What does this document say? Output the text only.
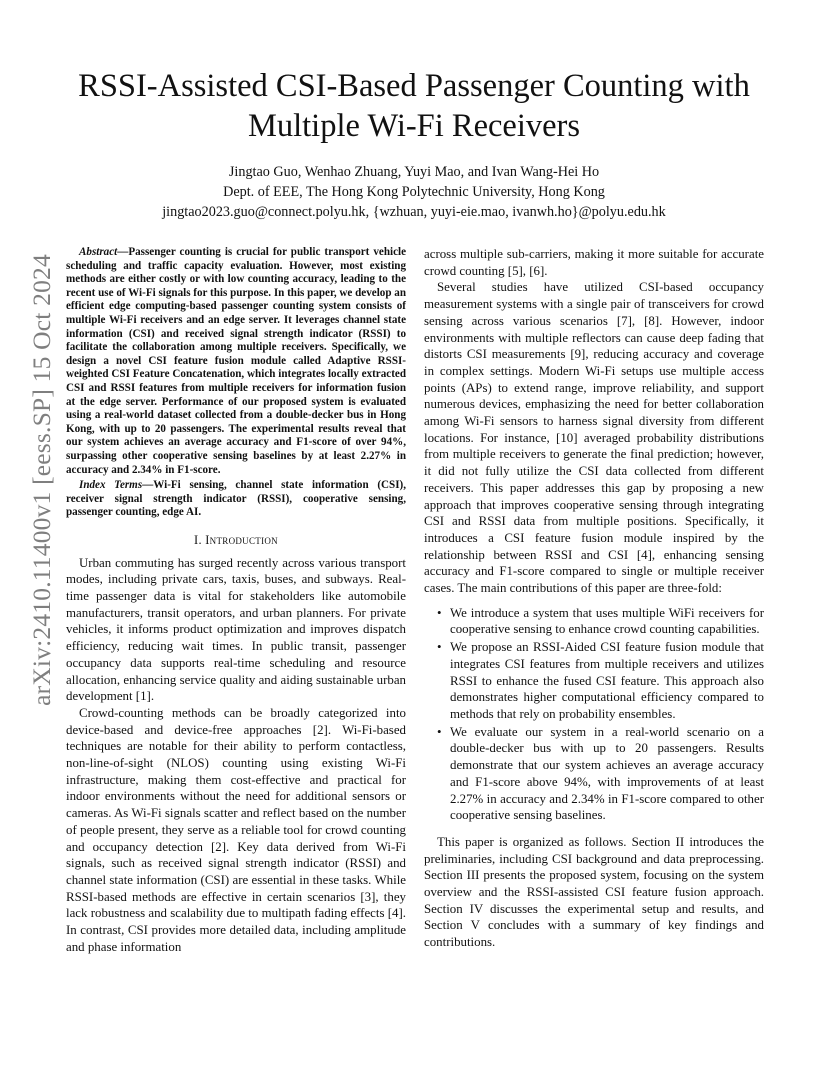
arXiv:2410.11400v1 [eess.SP] 15 Oct 2024
RSSI-Assisted CSI-Based Passenger Counting with
Multiple Wi-Fi Receivers
Jingtao Guo, Wenhao Zhuang, Yuyi Mao, and Ivan Wang-Hei Ho
Dept. of EEE, The Hong Kong Polytechnic University, Hong Kong
jingtao2023.guo@connect.polyu.hk, {wzhuan, yuyi-eie.mao, ivanwh.ho}@polyu.edu.hk

Abstract—Passenger counting is crucial for public transport vehicle scheduling and traffic capacity evaluation. However, most existing methods are either costly or with low counting accuracy, leading to the recent use of Wi-Fi signals for this purpose. In this paper, we develop an efficient edge computing-based passenger counting system consists of multiple Wi-Fi receivers and an edge server. It leverages channel state information (CSI) and received signal strength indicator (RSSI) to facilitate the collaboration among multiple receivers. Specifically, we design a novel CSI feature fusion module called Adaptive RSSI-weighted CSI Feature Concatenation, which integrates locally extracted CSI and RSSI features from multiple receivers for information fusion at the edge server. Performance of our proposed system is evaluated using a real-world dataset collected from a double-decker bus in Hong Kong, with up to 20 passengers. The experimental results reveal that our system achieves an average accuracy and F1-score of over 94%, surpassing other cooperative sensing baselines by at least 2.27% in accuracy and 2.34% in F1-score.

Index Terms—Wi-Fi sensing, channel state information (CSI), receiver signal strength indicator (RSSI), cooperative sensing, passenger counting, edge AI.

I. Introduction

Urban commuting has surged recently across various transport modes, including private cars, taxis, buses, and subways. Real-time passenger data is vital for stakeholders like automobile manufacturers, transit operators, and urban planners. For private vehicles, it informs product optimization and improves dispatch efficiency, reducing wait times. In public transit, passenger occupancy data supports real-time scheduling and resource allocation, enhancing service quality and aiding sustainable urban development [1].

Crowd-counting methods can be broadly categorized into device-based and device-free approaches [2]. Wi-Fi-based techniques are notable for their ability to perform contactless, non-line-of-sight (NLOS) counting using existing Wi-Fi infrastructure, making them cost-effective and practical for indoor environments without the need for additional sensors or cameras. As Wi-Fi signals scatter and reflect based on the number of people present, they serve as a reliable tool for crowd counting and occupancy detection [2]. Key data derived from Wi-Fi signals, such as received signal strength indicator (RSSI) and channel state information (CSI) are essential in these tasks. While RSSI-based methods are effective in certain scenarios [3], they lack robustness and scalability due to multipath fading effects [4]. In contrast, CSI provides more detailed data, including amplitude and phase information

across multiple sub-carriers, making it more suitable for accurate crowd counting [5], [6].

Several studies have utilized CSI-based occupancy measurement systems with a single pair of transceivers for crowd sensing across various scenarios [7], [8]. However, indoor environments with multiple reflectors can cause deep fading that distorts CSI measurements [9], reducing accuracy and coverage in complex settings. Modern Wi-Fi setups use multiple access points (APs) to extend range, improve reliability, and support numerous devices, emphasizing the need for better collaboration among Wi-Fi sensors to harness signal diversity from different locations. For instance, [10] averaged probability distributions from multiple receivers to generate the final prediction; however, it did not fully utilize the CSI data collected from different receivers. This paper addresses this gap by proposing a new approach that improves cooperative sensing through integrating CSI and RSSI data from multiple positions. Specifically, it introduces a CSI feature fusion module inspired by the relationship between RSSI and CSI [4], enhancing sensing accuracy and F1-score compared to single or multiple receiver cases. The main contributions of this paper are three-fold:

• We introduce a system that uses multiple WiFi receivers for cooperative sensing to enhance crowd counting capabilities.
• We propose an RSSI-Aided CSI feature fusion module that integrates CSI features from multiple receivers and utilizes RSSI to enhance the fused CSI feature. This approach also demonstrates higher computational efficiency compared to methods that rely on probability ensembles.
• We evaluate our system in a real-world scenario on a double-decker bus with up to 20 passengers. Results demonstrate that our system achieves an average accuracy and F1-score above 94%, with improvements of at least 2.27% in accuracy and 2.34% in F1-score compared to other cooperative sensing baselines.

This paper is organized as follows. Section II introduces the preliminaries, including CSI background and data preprocessing. Section III presents the proposed system, focusing on the system overview and the RSSI-assisted CSI feature fusion approach. Section IV discusses the experimental setup and results, and Section V concludes with a summary of key findings and contributions.
